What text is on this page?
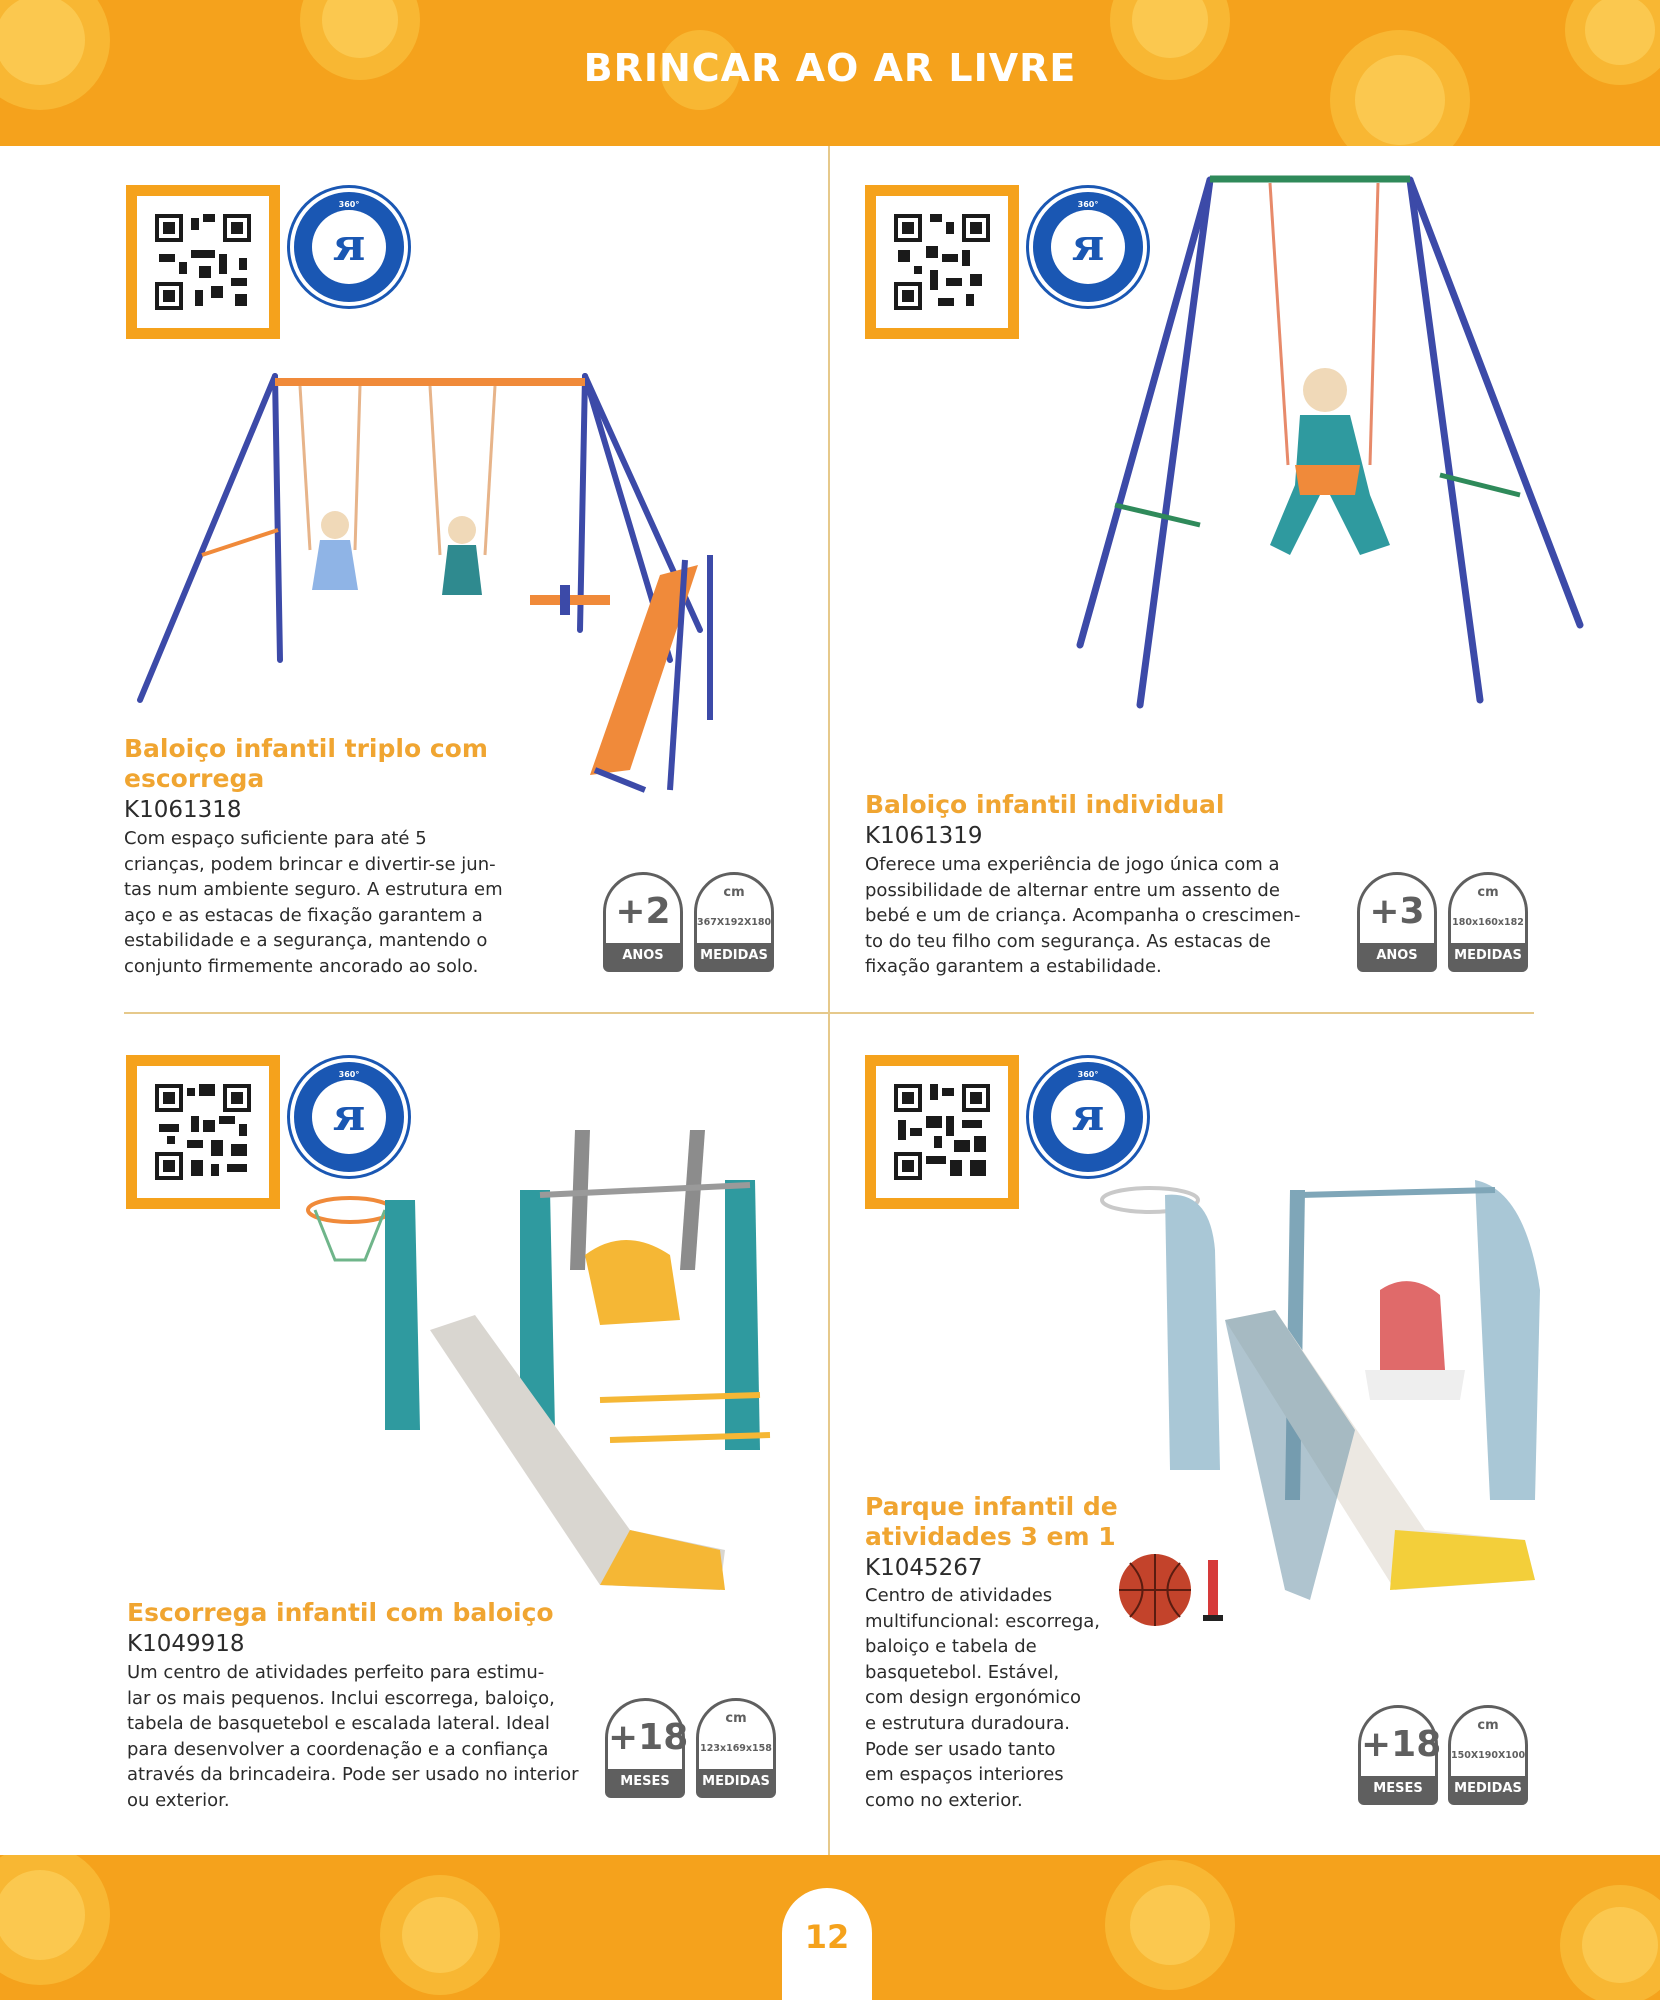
BRINCAR AO AR LIVRE
360°
я
Baloiço infantil triplo com
escorrega
K1061318
Com espaço suficiente para até 5
crianças, podem brincar e divertir-se jun-
tas num ambiente seguro. A estrutura em
aço e as estacas de fixação garantem a
estabilidade e a segurança, mantendo o
conjunto firmemente ancorado ao solo.
+2
ANOS
cm
367X192X180
MEDIDAS
360°
я
Baloiço infantil individual
K1061319
Oferece uma experiência de jogo única com a
possibilidade de alternar entre um assento de
bebé e um de criança. Acompanha o crescimen-
to do teu filho com segurança. As estacas de
fixação garantem a estabilidade.
+3
ANOS
cm
180x160x182
MEDIDAS
360°
я
Escorrega infantil com baloiço
K1049918
Um centro de atividades perfeito para estimu-
lar os mais pequenos. Inclui escorrega, baloiço,
tabela de basquetebol e escalada lateral. Ideal
para desenvolver a coordenação e a confiança
através da brincadeira. Pode ser usado no interior
ou exterior.
+18
MESES
cm
123x169x158
MEDIDAS
360°
я
Parque infantil de
atividades 3 em 1
K1045267
Centro de atividades
multifuncional: escorrega,
baloiço e tabela de
basquetebol. Estável,
com design ergonómico
e estrutura duradoura.
Pode ser usado tanto
em espaços interiores
como no exterior.
+18
MESES
cm
150X190X100
MEDIDAS
12
